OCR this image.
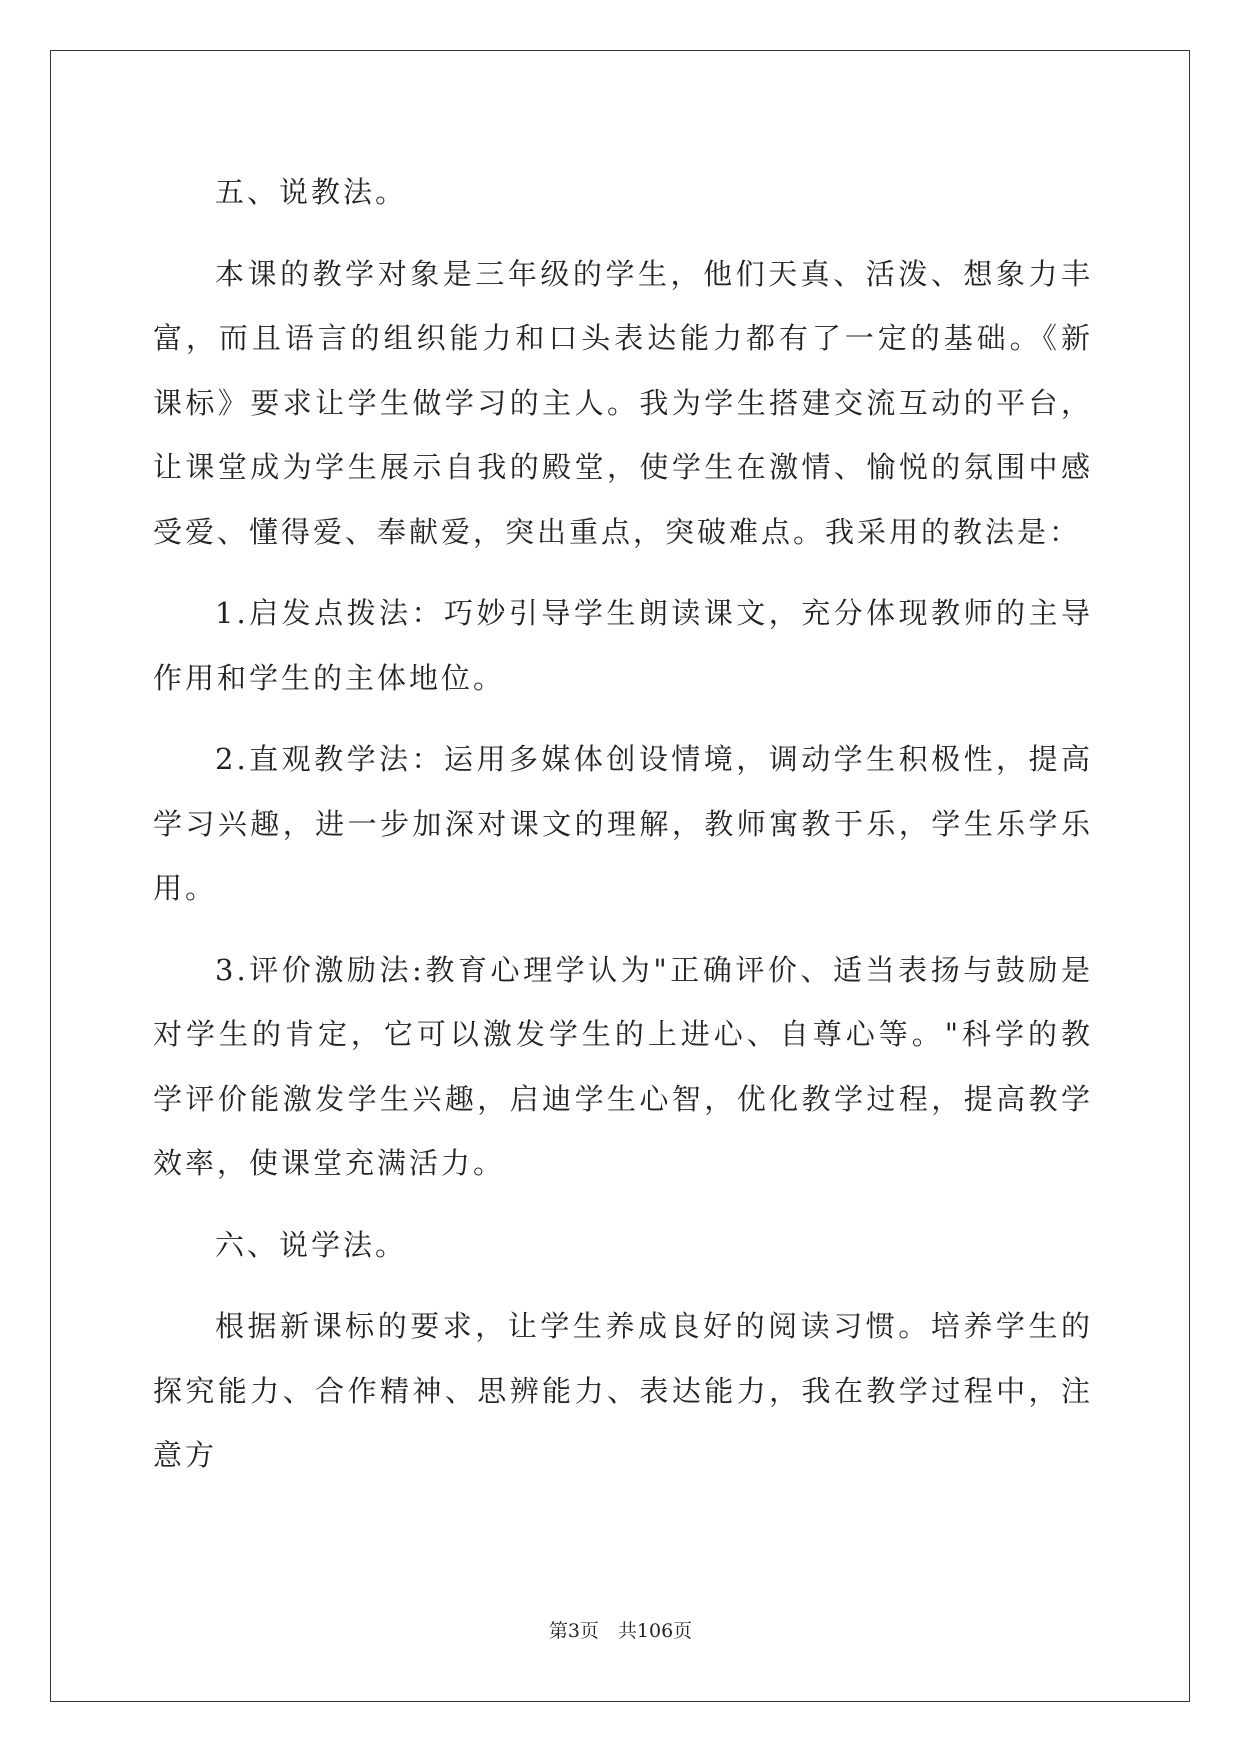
五、说教法。

本课的教学对象是三年级的学生，他们天真、活泼、想象力丰富，而且语言的组织能力和口头表达能力都有了一定的基础。《新课标》要求让学生做学习的主人。我为学生搭建交流互动的平台，让课堂成为学生展示自我的殿堂，使学生在激情、愉悦的氛围中感受爱、懂得爱、奉献爱，突出重点，突破难点。我采用的教法是：

1.启发点拨法：巧妙引导学生朗读课文，充分体现教师的主导作用和学生的主体地位。

2.直观教学法：运用多媒体创设情境，调动学生积极性，提高学习兴趣，进一步加深对课文的理解，教师寓教于乐，学生乐学乐用。

3.评价激励法:教育心理学认为"正确评价、适当表扬与鼓励是对学生的肯定，它可以激发学生的上进心、自尊心等。"科学的教学评价能激发学生兴趣，启迪学生心智，优化教学过程，提高教学效率，使课堂充满活力。

六、说学法。

根据新课标的要求，让学生养成良好的阅读习惯。培养学生的探究能力、合作精神、思辨能力、表达能力，我在教学过程中，注意方

第3页　共106页
